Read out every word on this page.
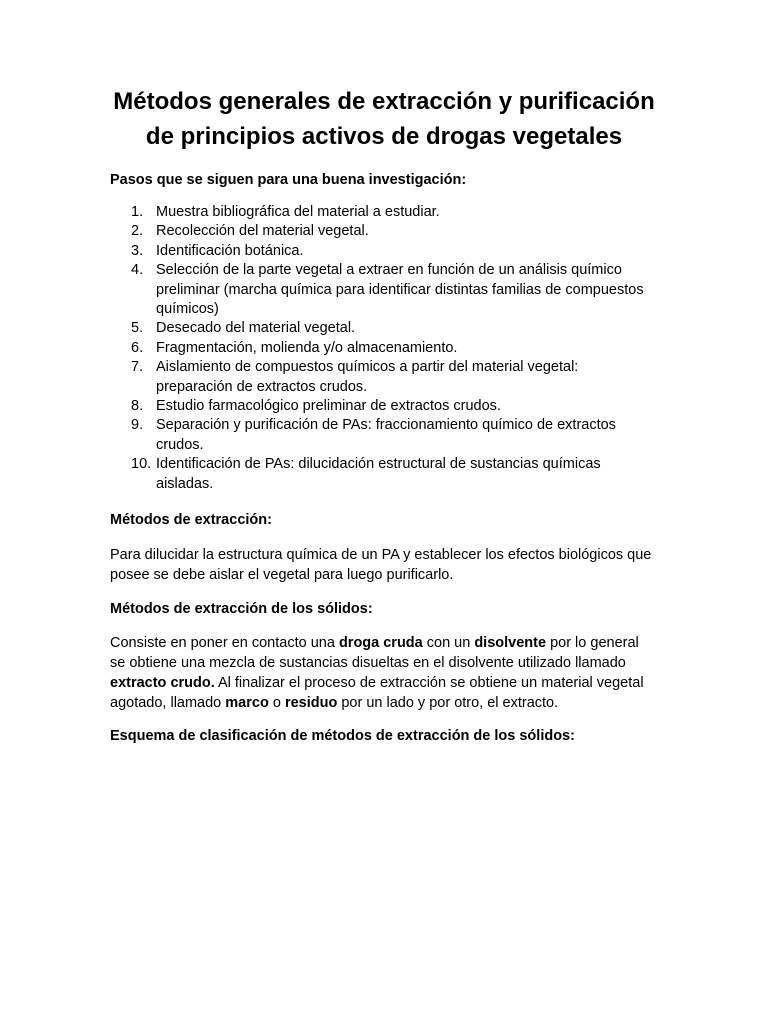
Métodos generales de extracción y purificación de principios activos de drogas vegetales
Pasos que se siguen para una buena investigación:
1. Muestra bibliográfica del material a estudiar.
2. Recolección del material vegetal.
3. Identificación botánica.
4. Selección de la parte vegetal a extraer en función de un análisis químico preliminar (marcha química para identificar distintas familias de compuestos químicos)
5. Desecado del material vegetal.
6. Fragmentación, molienda y/o almacenamiento.
7. Aislamiento de compuestos químicos a partir del material vegetal: preparación de extractos crudos.
8. Estudio farmacológico preliminar de extractos crudos.
9. Separación y purificación de PAs: fraccionamiento químico de extractos crudos.
10. Identificación de PAs: dilucidación estructural de sustancias químicas aisladas.
Métodos de extracción:

Para dilucidar la estructura química de un PA y establecer los efectos biológicos que posee se debe aislar el vegetal para luego purificarlo.

Métodos de extracción de los sólidos:

Consiste en poner en contacto una droga cruda con un disolvente por lo general se obtiene una mezcla de sustancias disueltas en el disolvente utilizado llamado extracto crudo. Al finalizar el proceso de extracción se obtiene un material vegetal agotado, llamado marco o residuo por un lado y por otro, el extracto.

Esquema de clasificación de métodos de extracción de los sólidos:
